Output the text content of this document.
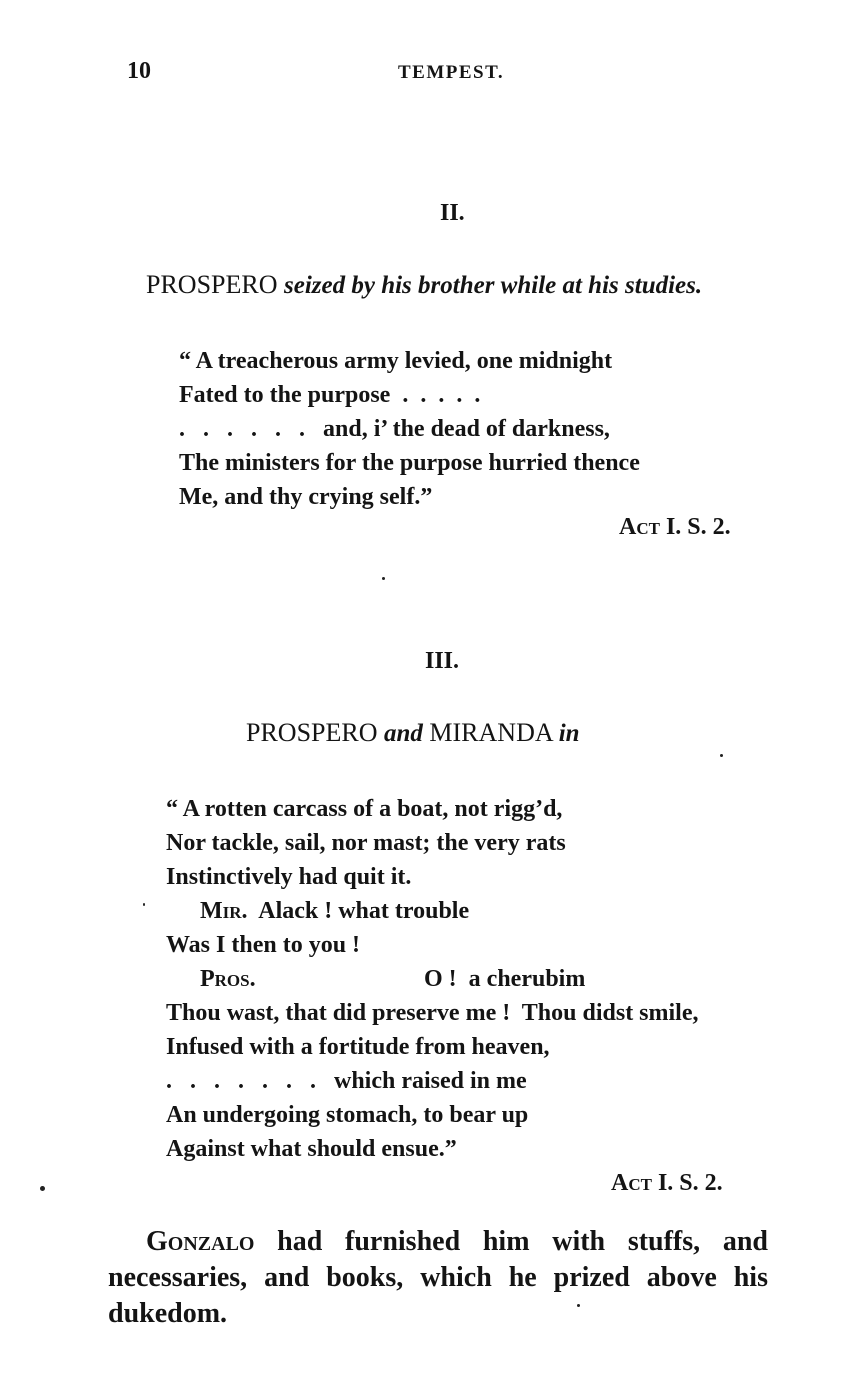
10	TEMPEST.
II.
PROSPERO seized by his brother while at his studies.
“ A treacherous army levied, one midnight
Fated to the purpose  .  .  .  .  .
.   .   .   .   .   .   and, i’ the dead of darkness,
The ministers for the purpose hurried thence
Me, and thy crying self.”
Act I. S. 2.
III.
PROSPERO and MIRANDA in
“ A rotten carcass of a boat, not rigg’d,
Nor tackle, sail, nor mast; the very rats
Instinctively had quit it.
Mir. Alack ! what trouble
Was I then to you !
Pros.	O !  a cherubim
Thou wast, that did preserve me !  Thou didst smile,
Infused with a fortitude from heaven,
.   .   .   .   .   .   .   which raised in me
An undergoing stomach, to bear up
Against what should ensue.”
Act I. S. 2.
Gonzalo had furnished him with stuffs, and necessaries, and books, which he prized above his dukedom.
